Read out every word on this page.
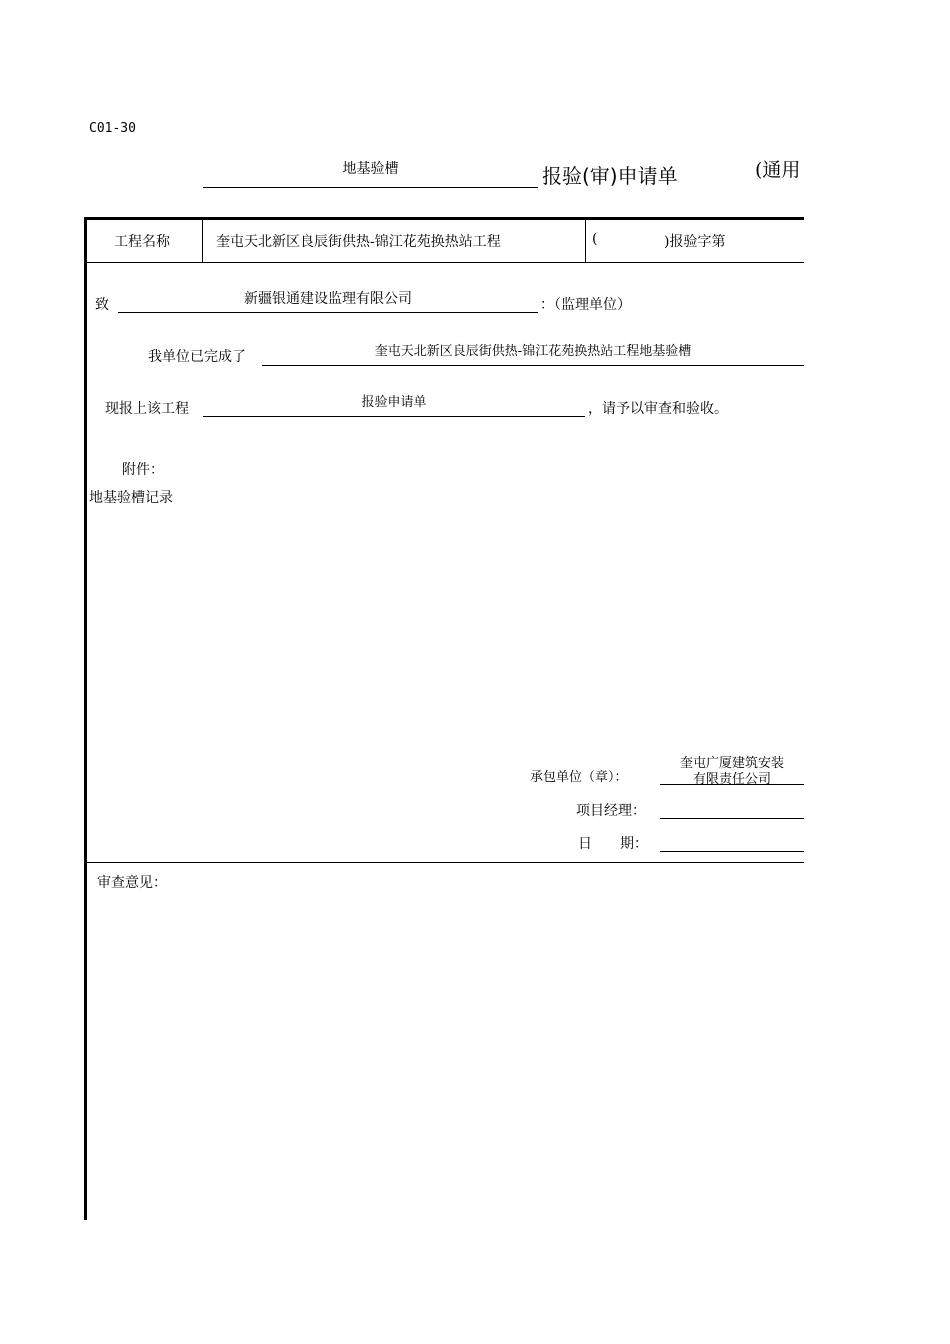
C01-30
地基验槽	报验(审)申请单	(通用
工程名称	奎屯天北新区良辰街供热-锦江花苑换热站工程	(	)报验字第
致	新疆银通建设监理有限公司	：（监理单位）
我单位已完成了	奎屯天北新区良辰街供热-锦江花苑换热站工程地基验槽
现报上该工程	报验申请单	，请予以审查和验收。
附件：
地基验槽记录
承包单位（章）：
奎屯广厦建筑安装
有限责任公司
项目经理：
日　　期：
审查意见：
